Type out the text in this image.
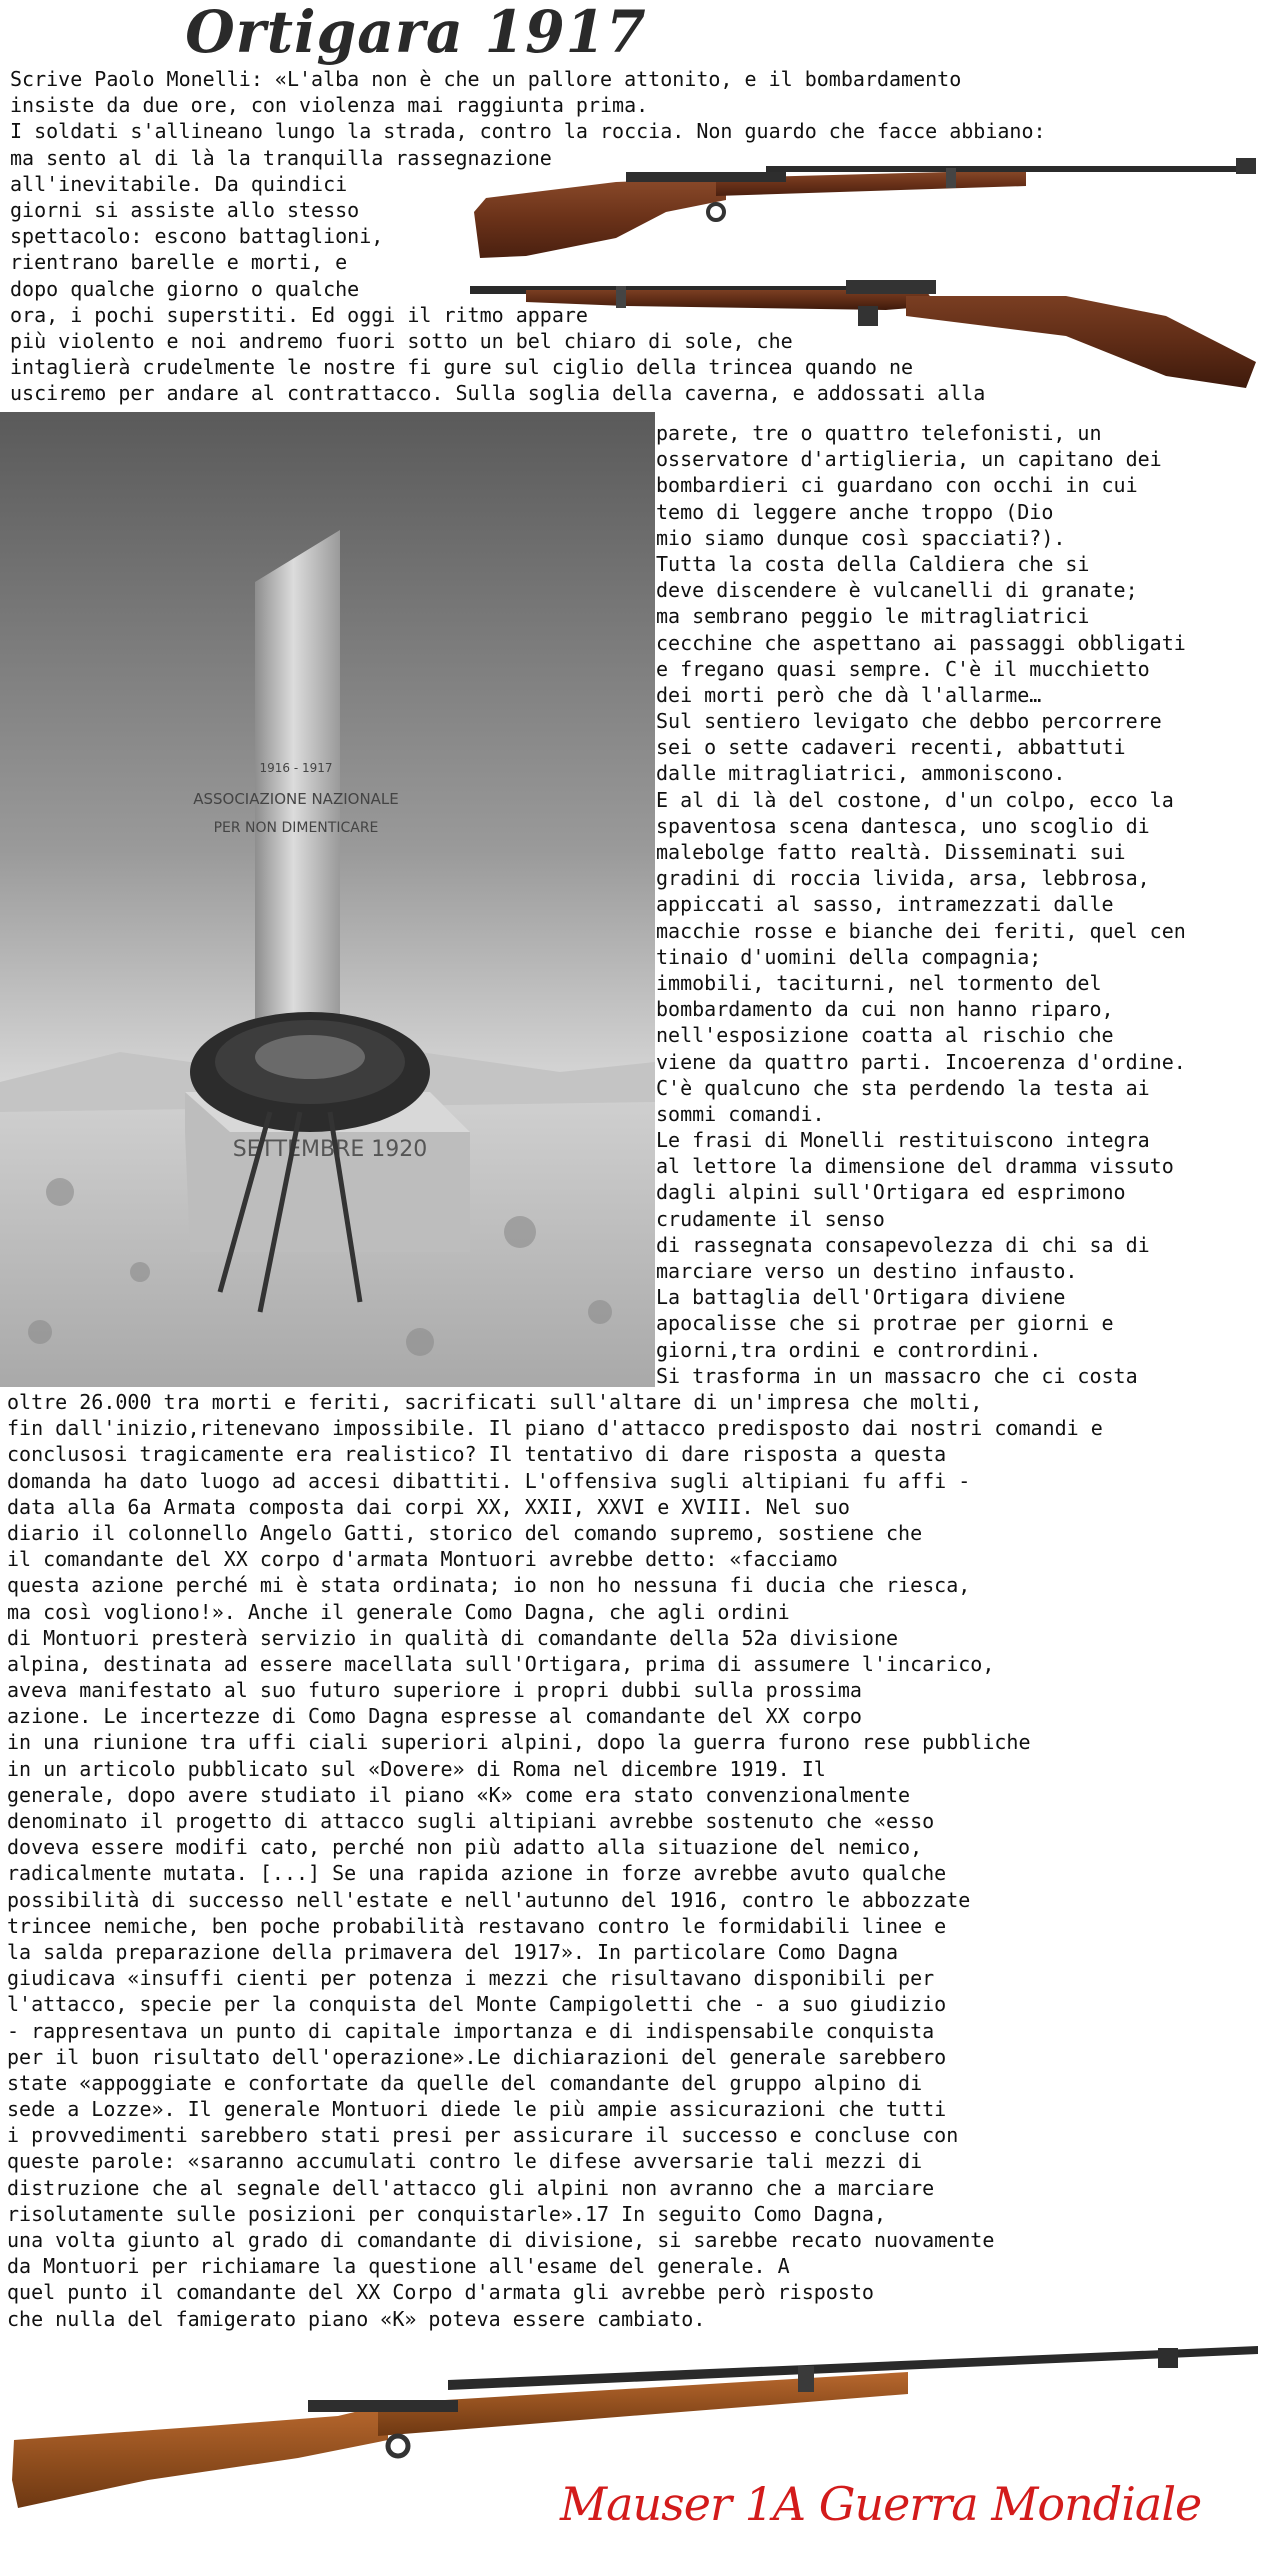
Ortigara 1917
Scrive Paolo Monelli: «L'alba non è che un pallore attonito, e il bombardamento
insiste da due ore, con violenza mai raggiunta prima.
I soldati s'allineano lungo la strada, contro la roccia. Non guardo che facce abbiano:
ma sento al di là la tranquilla rassegnazione
all'inevitabile. Da quindici
giorni si assiste allo stesso
spettacolo: escono battaglioni,
rientrano barelle e morti, e
dopo qualche giorno o qualche
ora, i pochi superstiti. Ed oggi il ritmo appare
più violento e noi andremo fuori sotto un bel chiaro di sole, che
intaglierà crudelmente le nostre fi gure sul ciglio della trincea quando ne
usciremo per andare al contrattacco. Sulla soglia della caverna, e addossati alla
1916 - 1917
ASSOCIAZIONE NAZIONALE
PER NON DIMENTICARE
SETTEMBRE 1920
parete, tre o quattro telefonisti, un
osservatore d'artiglieria, un capitano dei
bombardieri ci guardano con occhi in cui
temo di leggere anche troppo (Dio
mio siamo dunque così spacciati?).
Tutta la costa della Caldiera che si
deve discendere è vulcanelli di granate;
ma sembrano peggio le mitragliatrici
cecchine che aspettano ai passaggi obbligati
e fregano quasi sempre. C'è il mucchietto
dei morti però che dà l'allarme…
Sul sentiero levigato che debbo percorrere
sei o sette cadaveri recenti, abbattuti
dalle mitragliatrici, ammoniscono.
E al di là del costone, d'un colpo, ecco la
spaventosa scena dantesca, uno scoglio di
malebolge fatto realtà. Disseminati sui
gradini di roccia livida, arsa, lebbrosa,
appiccati al sasso, intramezzati dalle
macchie rosse e bianche dei feriti, quel cen
tinaio d'uomini della compagnia;
immobili, taciturni, nel tormento del
bombardamento da cui non hanno riparo,
nell'esposizione coatta al rischio che
viene da quattro parti. Incoerenza d'ordine.
C'è qualcuno che sta perdendo la testa ai
sommi comandi.
Le frasi di Monelli restituiscono integra
al lettore la dimensione del dramma vissuto
dagli alpini sull'Ortigara ed esprimono
crudamente il senso
di rassegnata consapevolezza di chi sa di
marciare verso un destino infausto.
La battaglia dell'Ortigara diviene
apocalisse che si protrae per giorni e
giorni,tra ordini e contrordini.
Si trasforma in un massacro che ci costa
oltre 26.000 tra morti e feriti, sacrificati sull'altare di un'impresa che molti,
fin dall'inizio,ritenevano impossibile. Il piano d'attacco predisposto dai nostri comandi e
conclusosi tragicamente era realistico? Il tentativo di dare risposta a questa
domanda ha dato luogo ad accesi dibattiti. L'offensiva sugli altipiani fu affi -
data alla 6a Armata composta dai corpi XX, XXII, XXVI e XVIII. Nel suo
diario il colonnello Angelo Gatti, storico del comando supremo, sostiene che
il comandante del XX corpo d'armata Montuori avrebbe detto: «facciamo
questa azione perché mi è stata ordinata; io non ho nessuna fi ducia che riesca,
ma così vogliono!». Anche il generale Como Dagna, che agli ordini
di Montuori presterà servizio in qualità di comandante della 52a divisione
alpina, destinata ad essere macellata sull'Ortigara, prima di assumere l'incarico,
aveva manifestato al suo futuro superiore i propri dubbi sulla prossima
azione. Le incertezze di Como Dagna espresse al comandante del XX corpo
in una riunione tra uffi ciali superiori alpini, dopo la guerra furono rese pubbliche
in un articolo pubblicato sul «Dovere» di Roma nel dicembre 1919. Il
generale, dopo avere studiato il piano «K» come era stato convenzionalmente
denominato il progetto di attacco sugli altipiani avrebbe sostenuto che «esso
doveva essere modifi cato, perché non più adatto alla situazione del nemico,
radicalmente mutata. [...] Se una rapida azione in forze avrebbe avuto qualche
possibilità di successo nell'estate e nell'autunno del 1916, contro le abbozzate
trincee nemiche, ben poche probabilità restavano contro le formidabili linee e
la salda preparazione della primavera del 1917». In particolare Como Dagna
giudicava «insuffi cienti per potenza i mezzi che risultavano disponibili per
l'attacco, specie per la conquista del Monte Campigoletti che - a suo giudizio
- rappresentava un punto di capitale importanza e di indispensabile conquista
per il buon risultato dell'operazione».Le dichiarazioni del generale sarebbero
state «appoggiate e confortate da quelle del comandante del gruppo alpino di
sede a Lozze». Il generale Montuori diede le più ampie assicurazioni che tutti
i provvedimenti sarebbero stati presi per assicurare il successo e concluse con
queste parole: «saranno accumulati contro le difese avversarie tali mezzi di
distruzione che al segnale dell'attacco gli alpini non avranno che a marciare
risolutamente sulle posizioni per conquistarle».17 In seguito Como Dagna,
una volta giunto al grado di comandante di divisione, si sarebbe recato nuovamente
da Montuori per richiamare la questione all'esame del generale. A
quel punto il comandante del XX Corpo d'armata gli avrebbe però risposto
che nulla del famigerato piano «K» poteva essere cambiato.

Mauser 1A Guerra Mondiale
